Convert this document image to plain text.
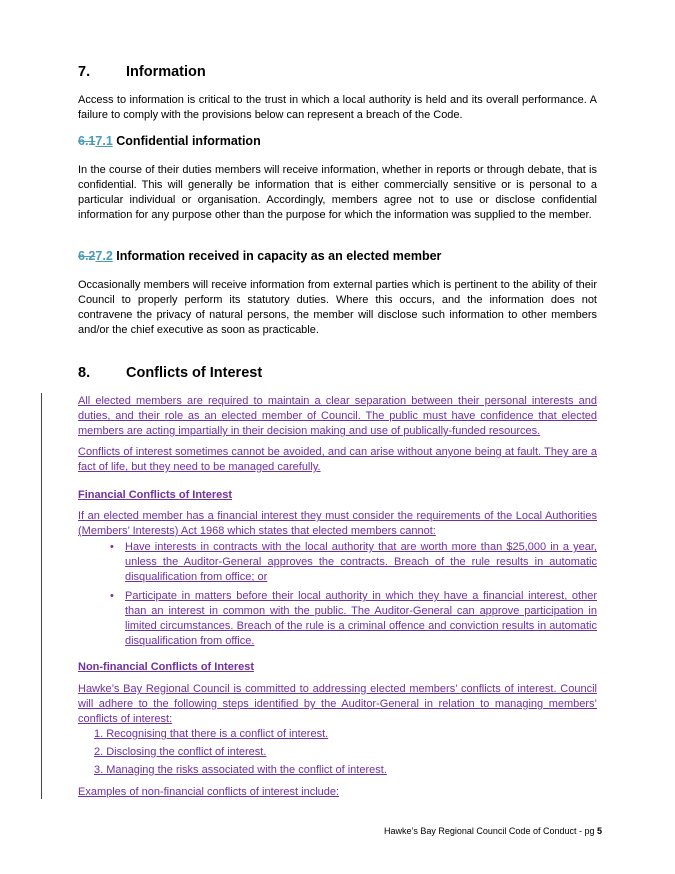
7.	Information
Access to information is critical to the trust in which a local authority is held and its overall performance. A failure to comply with the provisions below can represent a breach of the Code.
6.17.1 Confidential information
In the course of their duties members will receive information, whether in reports or through debate, that is confidential. This will generally be information that is either commercially sensitive or is personal to a particular individual or organisation. Accordingly, members agree not to use or disclose confidential information for any purpose other than the purpose for which the information was supplied to the member.
6.27.2 Information received in capacity as an elected member
Occasionally members will receive information from external parties which is pertinent to the ability of their Council to properly perform its statutory duties. Where this occurs, and the information does not contravene the privacy of natural persons, the member will disclose such information to other members and/or the chief executive as soon as practicable.
8.	Conflicts of Interest
All elected members are required to maintain a clear separation between their personal interests and duties, and their role as an elected member of Council. The public must have confidence that elected members are acting impartially in their decision making and use of publically-funded resources.
Conflicts of interest sometimes cannot be avoided, and can arise without anyone being at fault. They are a fact of life, but they need to be managed carefully.
Financial Conflicts of Interest
If an elected member has a financial interest they must consider the requirements of the Local Authorities (Members’ Interests) Act 1968 which states that elected members cannot:
• Have interests in contracts with the local authority that are worth more than $25,000 in a year, unless the Auditor-General approves the contracts. Breach of the rule results in automatic disqualification from office; or
• Participate in matters before their local authority in which they have a financial interest, other than an interest in common with the public. The Auditor-General can approve participation in limited circumstances. Breach of the rule is a criminal offence and conviction results in automatic disqualification from office.
Non-financial Conflicts of Interest
Hawke’s Bay Regional Council is committed to addressing elected members’ conflicts of interest. Council will adhere to the following steps identified by the Auditor-General in relation to managing members’ conflicts of interest:
1. Recognising that there is a conflict of interest.
2. Disclosing the conflict of interest.
3. Managing the risks associated with the conflict of interest.
Examples of non-financial conflicts of interest include:
Hawke’s Bay Regional Council Code of Conduct - pg 5
